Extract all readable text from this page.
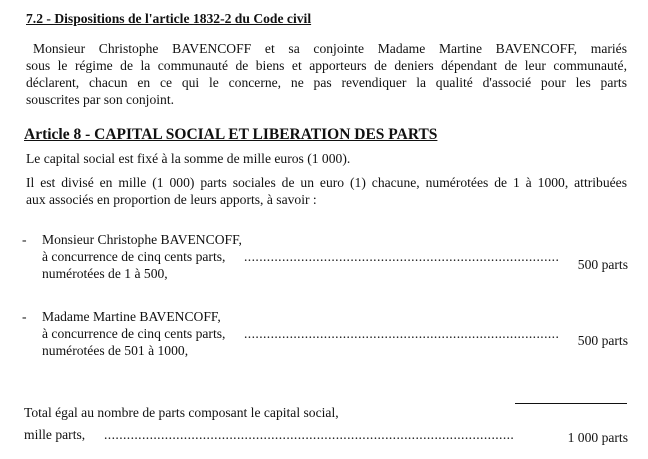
7.2 - Dispositions de l'article 1832-2 du Code civil
Monsieur Christophe BAVENCOFF et sa conjointe Madame Martine BAVENCOFF, mariés
sous le régime de la communauté de biens et apporteurs de deniers dépendant de leur communauté,
déclarent, chacun en ce qui le concerne, ne pas revendiquer la qualité d'associé pour les parts
souscrites par son conjoint.
Article 8 - CAPITAL SOCIAL ET LIBERATION DES PARTS
Le capital social est fixé à la somme de mille euros (1 000).
Il est divisé en mille (1 000) parts sociales de un euro (1) chacune, numérotées de 1 à 1000, attribuées
aux associés en proportion de leurs apports, à savoir :
- Monsieur Christophe BAVENCOFF,
à concurrence de cinq cents parts, ...................................................................................
numérotées de 1 à 500,
500 parts
- Madame Martine BAVENCOFF,
à concurrence de cinq cents parts, ...................................................................................
numérotées de 501 à 1000,
500 parts
Total égal au nombre de parts composant le capital social,
mille parts, ............................................................................................................	1 000 parts
